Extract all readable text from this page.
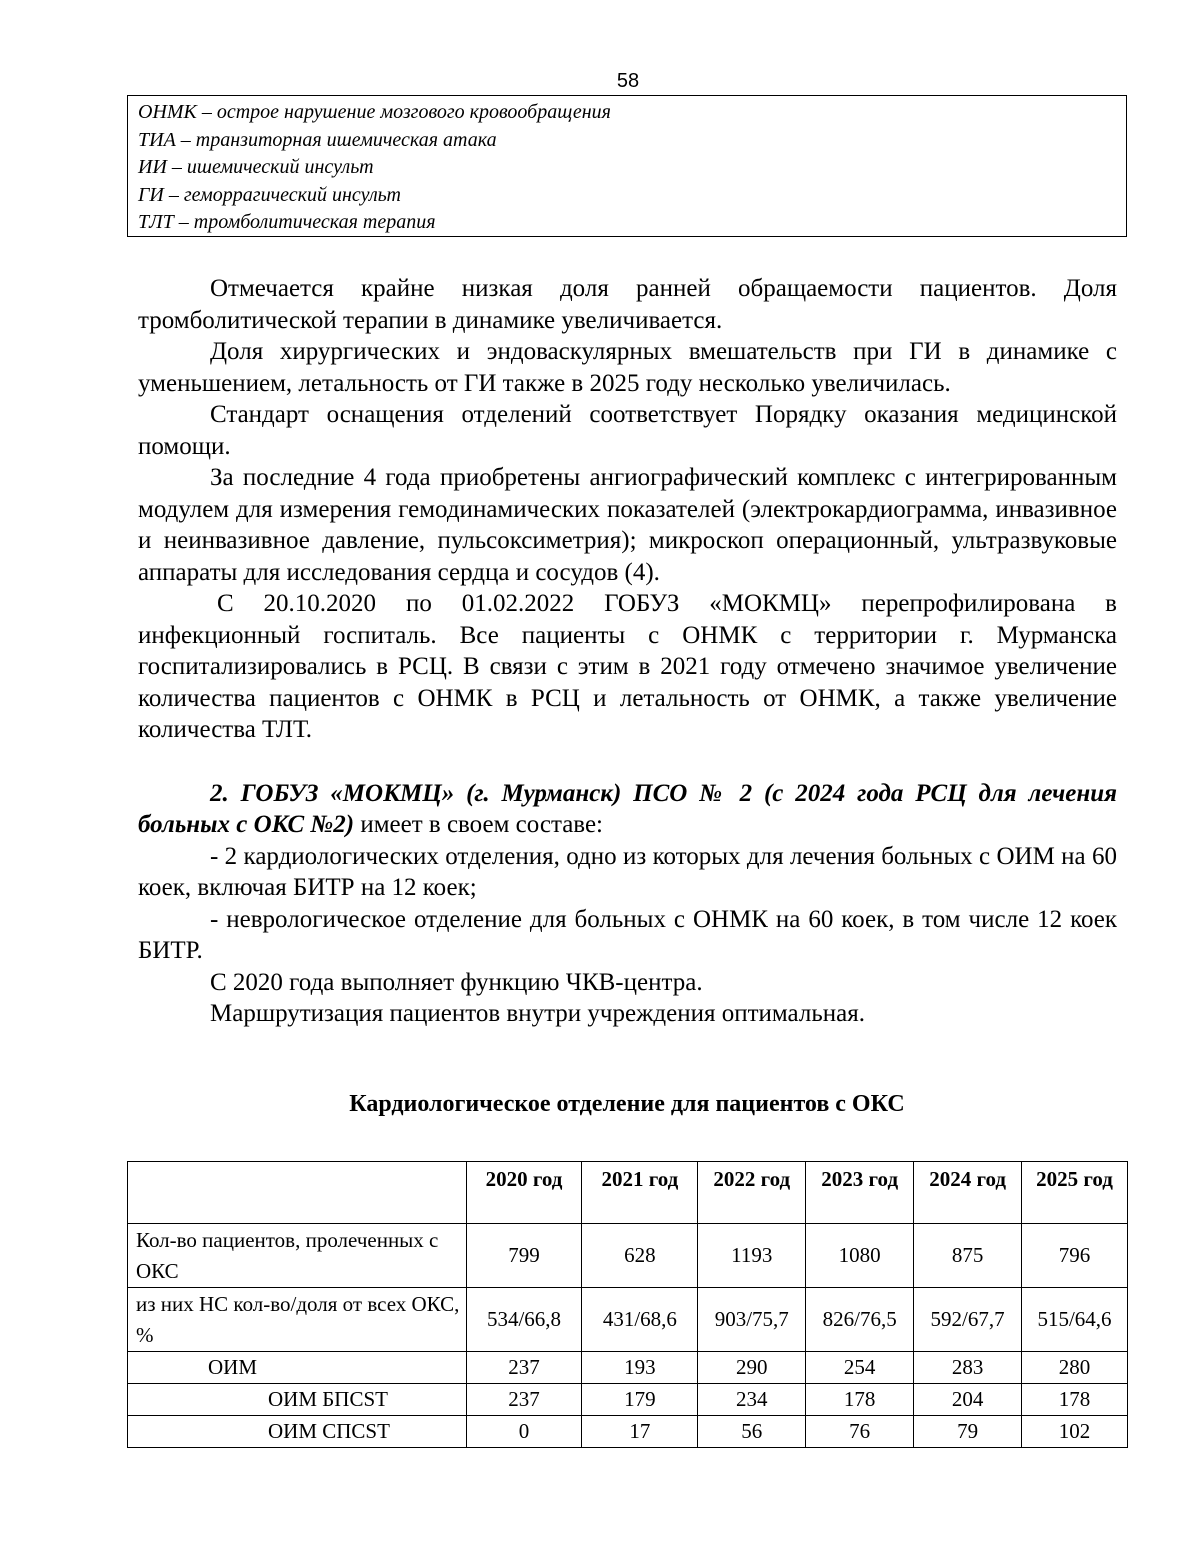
58
ОНМК – острое нарушение мозгового кровообращения
ТИА – транзиторная ишемическая атака
ИИ – ишемический инсульт
ГИ – геморрагический инсульт
ТЛТ – тромболитическая терапия

Отмечается крайне низкая доля ранней обращаемости пациентов. Доля тромболитической терапии в динамике увеличивается.

Доля хирургических и эндоваскулярных вмешательств при ГИ в динамике с уменьшением, летальность от ГИ также в 2025 году несколько увеличилась.

Стандарт оснащения отделений соответствует Порядку оказания медицинской помощи.

За последние 4 года приобретены ангиографический комплекс с интегрированным модулем для измерения гемодинамических показателей (электрокардиограмма, инвазивное и неинвазивное давление, пульсоксиметрия); микроскоп операционный, ультразвуковые аппараты для исследования сердца и сосудов (4).

С 20.10.2020 по 01.02.2022 ГОБУЗ «МОКМЦ» перепрофилирована в инфекционный госпиталь. Все пациенты с ОНМК с территории г. Мурманска госпитализировались в РСЦ. В связи с этим в 2021 году отмечено значимое увеличение количества пациентов с ОНМК в РСЦ и летальность от ОНМК, а также увеличение количества ТЛТ.

2. ГОБУЗ «МОКМЦ» (г. Мурманск) ПСО № 2 (с 2024 года РСЦ для лечения больных с ОКС №2) имеет в своем составе:

- 2 кардиологических отделения, одно из которых для лечения больных с ОИМ на 60 коек, включая БИТР на 12 коек;

- неврологическое отделение для больных с ОНМК на 60 коек, в том числе 12 коек БИТР.

С 2020 года выполняет функцию ЧКВ-центра.

Маршрутизация пациентов внутри учреждения оптимальная.

Кардиологическое отделение для пациентов с ОКС
	2020 год	2021 год	2022 год	2023 год	2024 год	2025 год
Кол-во пациентов, пролеченных с ОКС	799	628	1193	1080	875	796
из них НС кол-во/доля от всех ОКС, %	534/66,8	431/68,6	903/75,7	826/76,5	592/67,7	515/64,6
ОИМ	237	193	290	254	283	280
ОИМ БПСST	237	179	234	178	204	178
ОИМ СПСST	0	17	56	76	79	102
